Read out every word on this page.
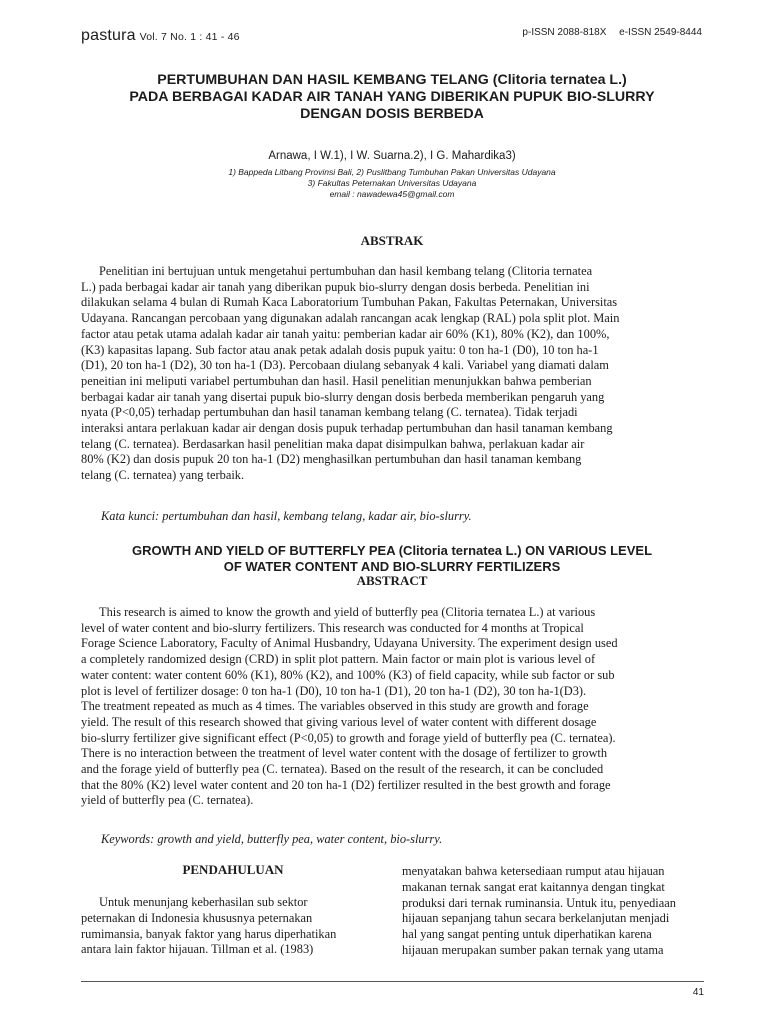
pastura Vol. 7 No. 1 : 41 - 46	p-ISSN 2088-818X e-ISSN 2549-8444
PERTUMBUHAN DAN HASIL KEMBANG TELANG (Clitoria ternatea L.)
PADA BERBAGAI KADAR AIR TANAH YANG DIBERIKAN PUPUK BIO-SLURRY
DENGAN DOSIS BERBEDA
Arnawa, I W.1), I W. Suarna.2), I G. Mahardika3)
1) Bappeda Litbang Provinsi Bali, 2) Puslitbang Tumbuhan Pakan Universitas Udayana
3) Fakultas Peternakan Universitas Udayana
email : nawadewa45@gmail.com
ABSTRAK
Penelitian ini bertujuan untuk mengetahui pertumbuhan dan hasil kembang telang (Clitoria ternatea
L.) pada berbagai kadar air tanah yang diberikan pupuk bio-slurry dengan dosis berbeda. Penelitian ini
dilakukan selama 4 bulan di Rumah Kaca Laboratorium Tumbuhan Pakan, Fakultas Peternakan, Universitas
Udayana. Rancangan percobaan yang digunakan adalah rancangan acak lengkap (RAL) pola split plot. Main
factor atau petak utama adalah kadar air tanah yaitu: pemberian kadar air 60% (K1), 80% (K2), dan 100%,
(K3) kapasitas lapang. Sub factor atau anak petak adalah dosis pupuk yaitu: 0 ton ha-1 (D0), 10 ton ha-1
(D1), 20 ton ha-1 (D2), 30 ton ha-1 (D3). Percobaan diulang sebanyak 4 kali. Variabel yang diamati dalam
peneitian ini meliputi variabel pertumbuhan dan hasil. Hasil penelitian menunjukkan bahwa pemberian
berbagai kadar air tanah yang disertai pupuk bio-slurry dengan dosis berbeda memberikan pengaruh yang
nyata (P<0,05) terhadap pertumbuhan dan hasil tanaman kembang telang (C. ternatea). Tidak terjadi
interaksi antara perlakuan kadar air dengan dosis pupuk terhadap pertumbuhan dan hasil tanaman kembang
telang (C. ternatea). Berdasarkan hasil penelitian maka dapat disimpulkan bahwa, perlakuan kadar air
80% (K2) dan dosis pupuk 20 ton ha-1 (D2) menghasilkan pertumbuhan dan hasil tanaman kembang
telang (C. ternatea) yang terbaik.
Kata kunci: pertumbuhan dan hasil, kembang telang, kadar air, bio-slurry.
GROWTH AND YIELD OF BUTTERFLY PEA (Clitoria ternatea L.) ON VARIOUS LEVEL
OF WATER CONTENT AND BIO-SLURRY FERTILIZERS
ABSTRACT
This research is aimed to know the growth and yield of butterfly pea (Clitoria ternatea L.) at various
level of water content and bio-slurry fertilizers. This research was conducted for 4 months at Tropical
Forage Science Laboratory, Faculty of Animal Husbandry, Udayana University. The experiment design used
a completely randomized design (CRD) in split plot pattern. Main factor or main plot is various level of
water content: water content 60% (K1), 80% (K2), and 100% (K3) of field capacity, while sub factor or sub
plot is level of fertilizer dosage: 0 ton ha-1 (D0), 10 ton ha-1 (D1), 20 ton ha-1 (D2), 30 ton ha-1(D3).
The treatment repeated as much as 4 times. The variables observed in this study are growth and forage
yield. The result of this research showed that giving various level of water content with different dosage
bio-slurry fertilizer give significant effect (P<0,05) to growth and forage yield of butterfly pea (C. ternatea).
There is no interaction between the treatment of level water content with the dosage of fertilizer to growth
and the forage yield of butterfly pea (C. ternatea). Based on the result of the research, it can be concluded
that the 80% (K2) level water content and 20 ton ha-1 (D2) fertilizer resulted in the best growth and forage
yield of butterfly pea (C. ternatea).
Keywords: growth and yield, butterfly pea, water content, bio-slurry.
PENDAHULUAN
Untuk menunjang keberhasilan sub sektor
peternakan di Indonesia khususnya peternakan
rumimansia, banyak faktor yang harus diperhatikan
antara lain faktor hijauan. Tillman et al. (1983)
menyatakan bahwa ketersediaan rumput atau hijauan
makanan ternak sangat erat kaitannya dengan tingkat
produksi dari ternak ruminansia. Untuk itu, penyediaan
hijauan sepanjang tahun secara berkelanjutan menjadi
hal yang sangat penting untuk diperhatikan karena
hijauan merupakan sumber pakan ternak yang utama
41
